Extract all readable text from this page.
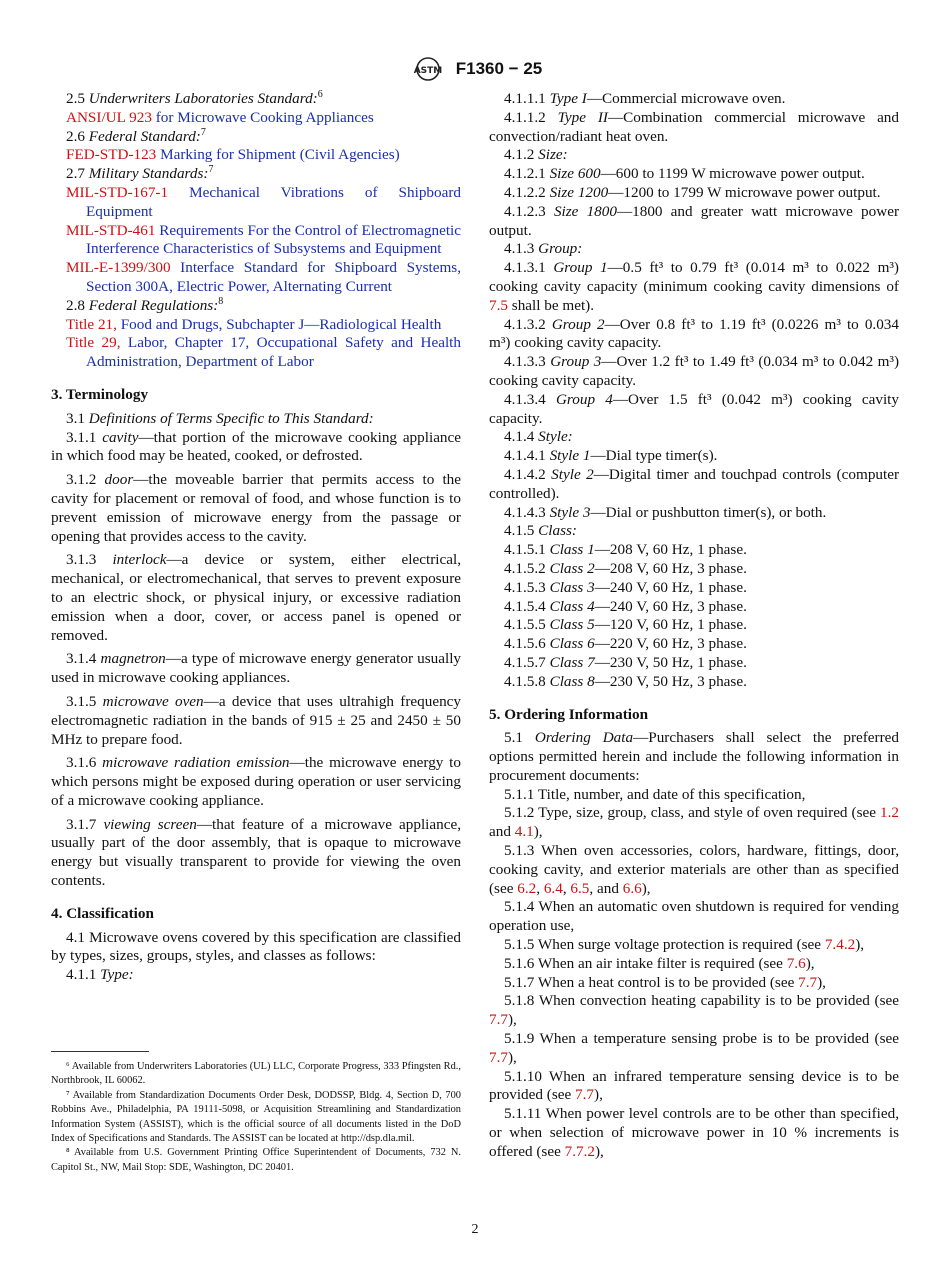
ASTM F1360 − 25

2.5 Underwriters Laboratories Standard:$^6$

ANSI/UL 923 for Microwave Cooking Appliances

2.6 Federal Standard:$^7$

FED-STD-123 Marking for Shipment (Civil Agencies)

2.7 Military Standards:$^7$

MIL-STD-167-1 Mechanical Vibrations of Shipboard Equipment

MIL-STD-461 Requirements For the Control of Electromagnetic Interference Characteristics of Subsystems and Equipment

MIL-E-1399/300 Interface Standard for Shipboard Systems, Section 300A, Electric Power, Alternating Current

2.8 Federal Regulations:$^8$

Title 21, Food and Drugs, Subchapter J—Radiological Health

Title 29, Labor, Chapter 17, Occupational Safety and Health Administration, Department of Labor

3. Terminology

3.1 Definitions of Terms Specific to This Standard:

3.1.1 cavity—that portion of the microwave cooking appliance in which food may be heated, cooked, or defrosted.

3.1.2 door—the moveable barrier that permits access to the cavity for placement or removal of food, and whose function is to prevent emission of microwave energy from the passage or opening that provides access to the cavity.

3.1.3 interlock—a device or system, either electrical, mechanical, or electromechanical, that serves to prevent exposure to an electric shock, or physical injury, or excessive radiation emission when a door, cover, or access panel is opened or removed.

3.1.4 magnetron—a type of microwave energy generator usually used in microwave cooking appliances.

3.1.5 microwave oven—a device that uses ultrahigh frequency electromagnetic radiation in the bands of 915 ± 25 and 2450 ± 50 MHz to prepare food.

3.1.6 microwave radiation emission—the microwave energy to which persons might be exposed during operation or user servicing of a microwave cooking appliance.

3.1.7 viewing screen—that feature of a microwave appliance, usually part of the door assembly, that is opaque to microwave energy but visually transparent to provide for viewing the oven contents.

4. Classification

4.1 Microwave ovens covered by this specification are classified by types, sizes, groups, styles, and classes as follows:

4.1.1 Type:

⁶ Available from Underwriters Laboratories (UL) LLC, Corporate Progress, 333 Pfingsten Rd., Northbrook, IL 60062.

⁷ Available from Standardization Documents Order Desk, DODSSP, Bldg. 4, Section D, 700 Robbins Ave., Philadelphia, PA 19111-5098, or Acquisition Streamlining and Standardization Information System (ASSIST), which is the official source of all documents listed in the DoD Index of Specifications and Standards. The ASSIST can be located at http://dsp.dla.mil.

⁸ Available from U.S. Government Printing Office Superintendent of Documents, 732 N. Capitol St., NW, Mail Stop: SDE, Washington, DC 20401.

4.1.1.1 Type I—Commercial microwave oven.

4.1.1.2 Type II—Combination commercial microwave and convection/radiant heat oven.

4.1.2 Size:

4.1.2.1 Size 600—600 to 1199 W microwave power output.

4.1.2.2 Size 1200—1200 to 1799 W microwave power output.

4.1.2.3 Size 1800—1800 and greater watt microwave power output.

4.1.3 Group:

4.1.3.1 Group 1—0.5 ft³ to 0.79 ft³ (0.014 m³ to 0.022 m³) cooking cavity capacity (minimum cooking cavity dimensions of 7.5 shall be met).

4.1.3.2 Group 2—Over 0.8 ft³ to 1.19 ft³ (0.0226 m³ to 0.034 m³) cooking cavity capacity.

4.1.3.3 Group 3—Over 1.2 ft³ to 1.49 ft³ (0.034 m³ to 0.042 m³) cooking cavity capacity.

4.1.3.4 Group 4—Over 1.5 ft³ (0.042 m³) cooking cavity capacity.

4.1.4 Style:

4.1.4.1 Style 1—Dial type timer(s).

4.1.4.2 Style 2—Digital timer and touchpad controls (computer controlled).

4.1.4.3 Style 3—Dial or pushbutton timer(s), or both.

4.1.5 Class:

4.1.5.1 Class 1—208 V, 60 Hz, 1 phase.

4.1.5.2 Class 2—208 V, 60 Hz, 3 phase.

4.1.5.3 Class 3—240 V, 60 Hz, 1 phase.

4.1.5.4 Class 4—240 V, 60 Hz, 3 phase.

4.1.5.5 Class 5—120 V, 60 Hz, 1 phase.

4.1.5.6 Class 6—220 V, 60 Hz, 3 phase.

4.1.5.7 Class 7—230 V, 50 Hz, 1 phase.

4.1.5.8 Class 8—230 V, 50 Hz, 3 phase.

5. Ordering Information

5.1 Ordering Data—Purchasers shall select the preferred options permitted herein and include the following information in procurement documents:

5.1.1 Title, number, and date of this specification,

5.1.2 Type, size, group, class, and style of oven required (see 1.2 and 4.1),

5.1.3 When oven accessories, colors, hardware, fittings, door, cooking cavity, and exterior materials are other than as specified (see 6.2, 6.4, 6.5, and 6.6),

5.1.4 When an automatic oven shutdown is required for vending operation use,

5.1.5 When surge voltage protection is required (see 7.4.2),

5.1.6 When an air intake filter is required (see 7.6),

5.1.7 When a heat control is to be provided (see 7.7),

5.1.8 When convection heating capability is to be provided (see 7.7),

5.1.9 When a temperature sensing probe is to be provided (see 7.7),

5.1.10 When an infrared temperature sensing device is to be provided (see 7.7),

5.1.11 When power level controls are to be other than specified, or when selection of microwave power in 10 % increments is offered (see 7.7.2),

2
